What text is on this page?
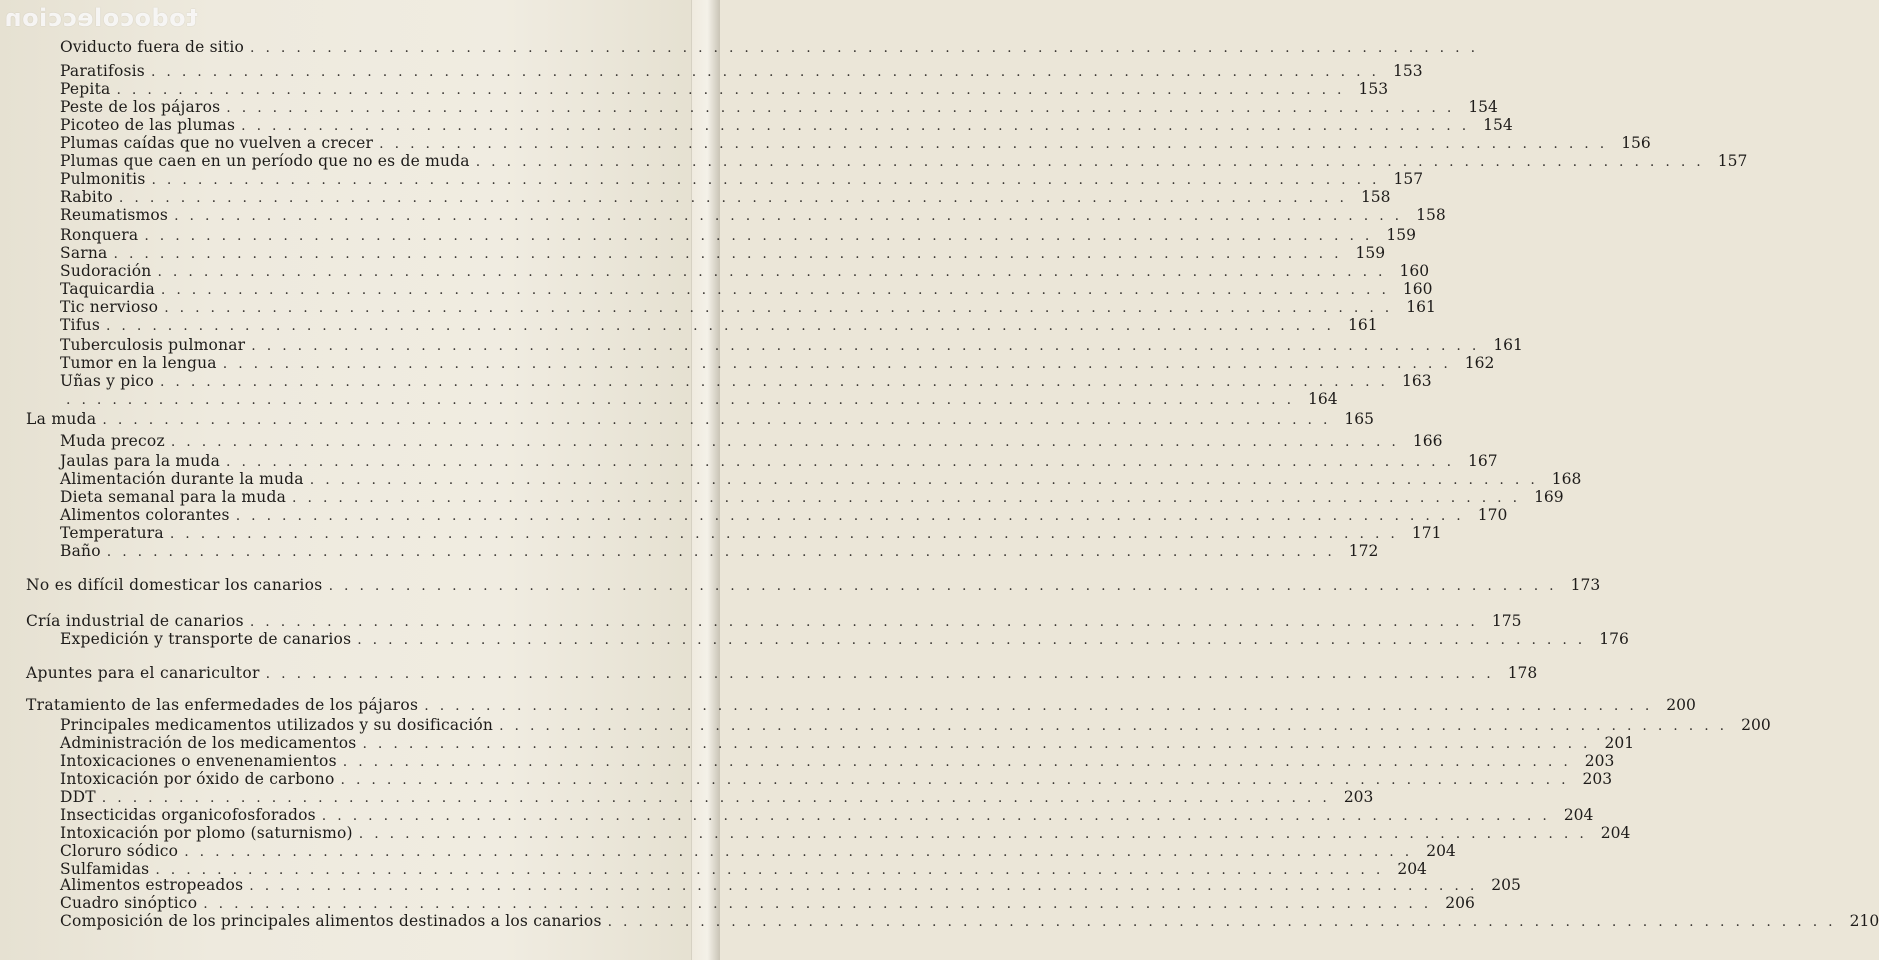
todocoleccion
Oviducto fuera de sitio ................................................................................
Paratifosis ................................................................................ 153
Pepita ................................................................................ 153
Peste de los pájaros ................................................................................ 154
Picoteo de las plumas ................................................................................ 154
Plumas caídas que no vuelven a crecer ................................................................................ 156
Plumas que caen en un período que no es de muda ................................................................................ 157
Pulmonitis ................................................................................ 157
Rabito ................................................................................ 158
Reumatismos ................................................................................ 158
Ronquera ................................................................................ 159
Sarna ................................................................................ 159
Sudoración ................................................................................ 160
Taquicardia ................................................................................ 160
Tic nervioso ................................................................................ 161
Tifus ................................................................................ 161
Tuberculosis pulmonar ................................................................................ 161
Tumor en la lengua ................................................................................ 162
Uñas y pico ................................................................................ 163
................................................................................ 164
La muda ................................................................................ 165
Muda precoz ................................................................................ 166
Jaulas para la muda ................................................................................ 167
Alimentación durante la muda ................................................................................ 168
Dieta semanal para la muda ................................................................................ 169
Alimentos colorantes ................................................................................ 170
Temperatura ................................................................................ 171
Baño ................................................................................ 172
No es difícil domesticar los canarios ................................................................................ 173
Cría industrial de canarios ................................................................................ 175
Expedición y transporte de canarios ................................................................................ 176
Apuntes para el canaricultor ................................................................................ 178
Tratamiento de las enfermedades de los pájaros ................................................................................ 200
Principales medicamentos utilizados y su dosificación ................................................................................ 200
Administración de los medicamentos ................................................................................ 201
Intoxicaciones o envenenamientos ................................................................................ 203
Intoxicación por óxido de carbono ................................................................................ 203
DDT ................................................................................ 203
Insecticidas organicofosforados ................................................................................ 204
Intoxicación por plomo (saturnismo) ................................................................................ 204
Cloruro sódico ................................................................................ 204
Sulfamidas ................................................................................ 204
Alimentos estropeados ................................................................................ 205
Cuadro sinóptico ................................................................................ 206
Composición de los principales alimentos destinados a los canarios ................................................................................ 210
